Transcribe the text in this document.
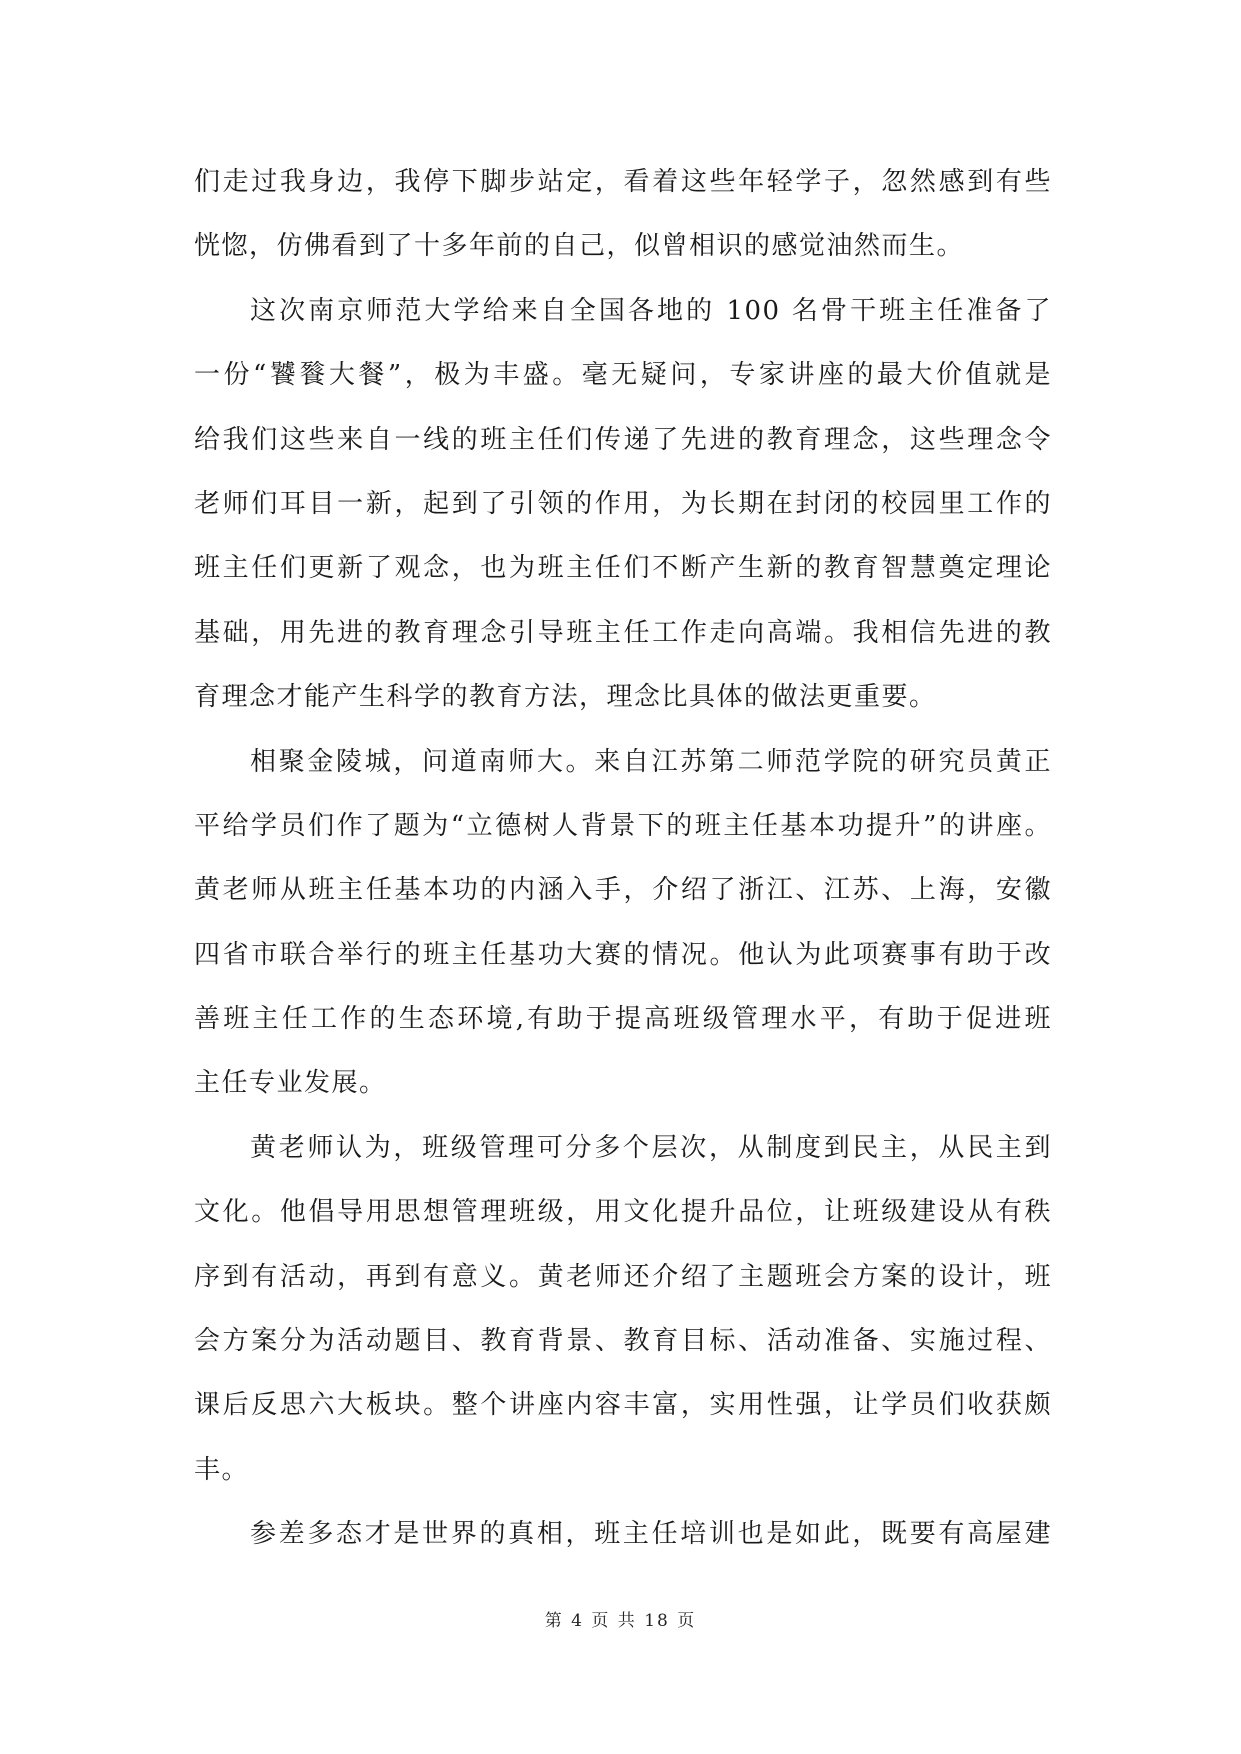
们走过我身边，我停下脚步站定，看着这些年轻学子，忽然感到有些
恍惚，仿佛看到了十多年前的自己，似曾相识的感觉油然而生。
这次南京师范大学给来自全国各地的 100 名骨干班主任准备了
一份“饕餮大餐”，极为丰盛。毫无疑问，专家讲座的最大价值就是
给我们这些来自一线的班主任们传递了先进的教育理念，这些理念令
老师们耳目一新，起到了引领的作用，为长期在封闭的校园里工作的
班主任们更新了观念，也为班主任们不断产生新的教育智慧奠定理论
基础，用先进的教育理念引导班主任工作走向高端。我相信先进的教
育理念才能产生科学的教育方法，理念比具体的做法更重要。
相聚金陵城，问道南师大。来自江苏第二师范学院的研究员黄正
平给学员们作了题为“立德树人背景下的班主任基本功提升”的讲座。
黄老师从班主任基本功的内涵入手，介绍了浙江、江苏、上海，安徽
四省市联合举行的班主任基功大赛的情况。他认为此项赛事有助于改
善班主任工作的生态环境,有助于提高班级管理水平，有助于促进班
主任专业发展。
黄老师认为，班级管理可分多个层次，从制度到民主，从民主到
文化。他倡导用思想管理班级，用文化提升品位，让班级建设从有秩
序到有活动，再到有意义。黄老师还介绍了主题班会方案的设计，班
会方案分为活动题目、教育背景、教育目标、活动准备、实施过程、
课后反思六大板块。整个讲座内容丰富，实用性强，让学员们收获颇
丰。
参差多态才是世界的真相，班主任培训也是如此，既要有高屋建
第 4 页 共 18 页
